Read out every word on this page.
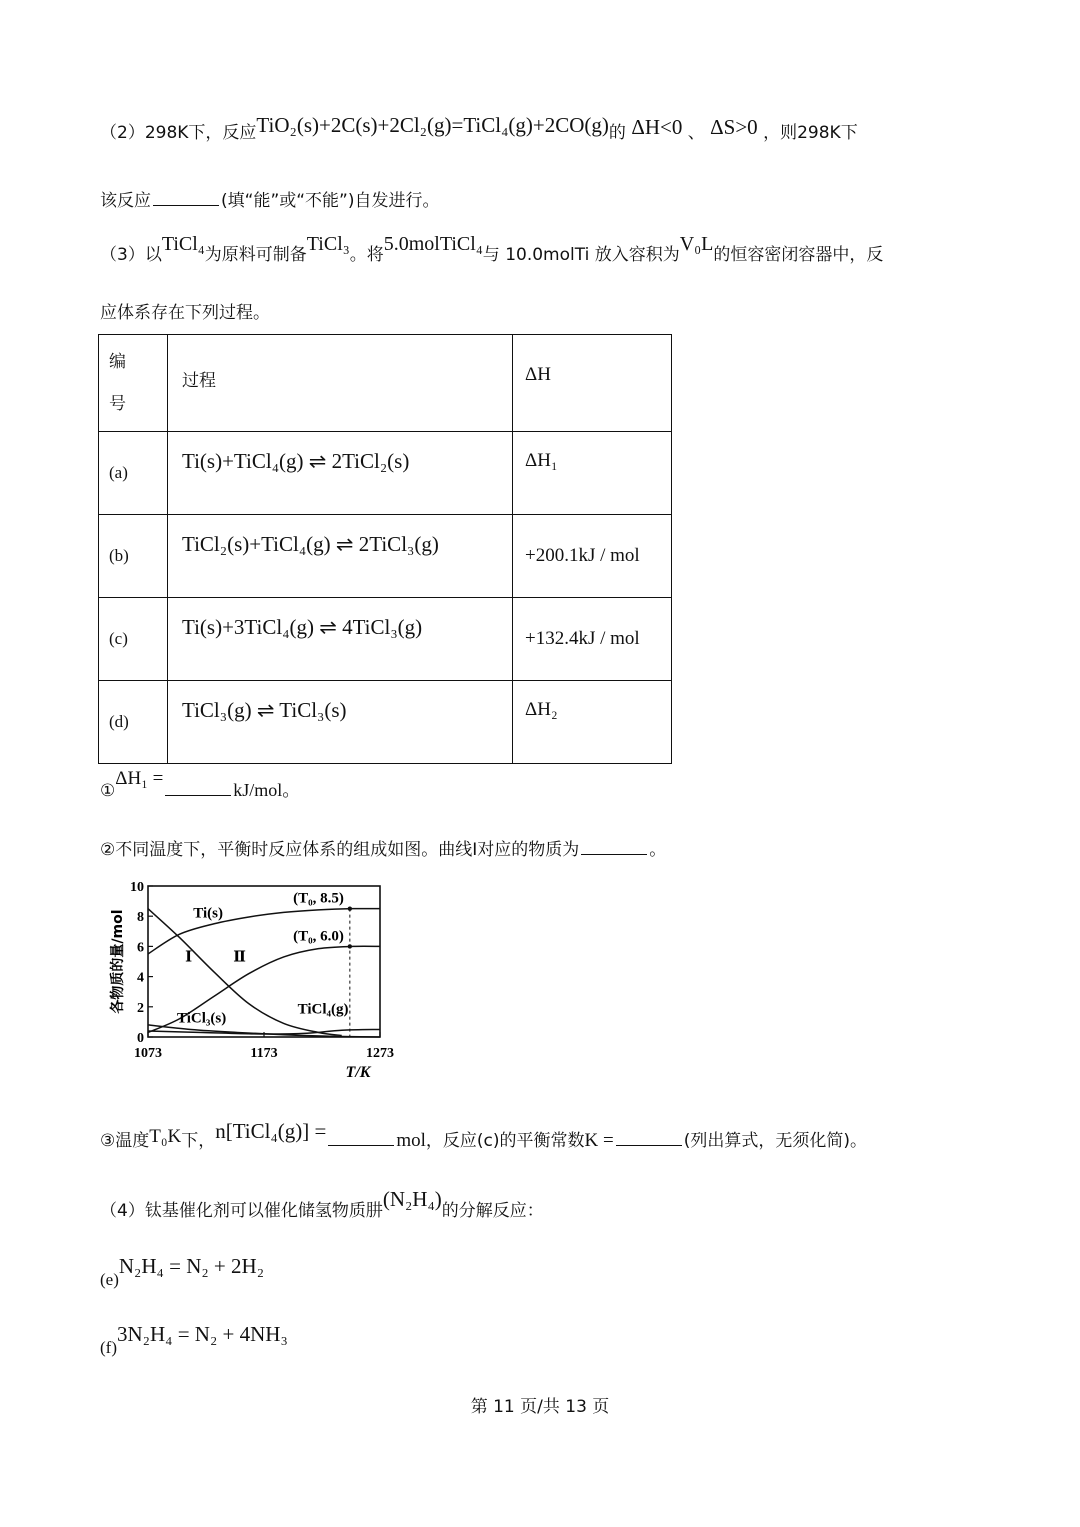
（2）298K下，反应TiO₂(s)+2C(s)+2Cl₂(g)=TiCl₄(g)+2CO(g)的 ΔH<0 、 ΔS>0 ，则298K下
该反应	(填“能”或“不能”)自发进行。
（3）以TiCl₄为原料可制备TiCl₃。将5.0molTiCl₄与 10.0molTi 放入容积为V₀L的恒容密闭容器中，反
应体系存在下列过程。
编
号	过程	ΔH
(a)	Ti(s)+TiCl₄(g) ⇌ 2TiCl₂(s)	ΔH₁
(b)	TiCl₂(s)+TiCl₄(g) ⇌ 2TiCl₃(g)	+200.1kJ / mol
(c)	Ti(s)+3TiCl₄(g) ⇌ 4TiCl₃(g)	+132.4kJ / mol
(d)	TiCl₃(g) ⇌ TiCl₃(s)	ΔH₂
①ΔH₁ =kJ/mol。
②不同温度下，平衡时反应体系的组成如图。曲线Ⅰ对应的物质为	。
0
2
4
6
8
10
1073	1173	1273
T/K
各物质的量/mol
(T₀, 8.5)
(T₀, 6.0)
Ti(s)
Ⅰ	Ⅱ
TiCl₃(s)
TiCl₄(g)
③温度T₀K下，n[TiCl₄(g)] =	mol，反应(c)的平衡常数K =	(列出算式，无须化简)。
（4）钛基催化剂可以催化储氢物质肼(N₂H₄)的分解反应：
(e)N₂H₄ = N₂ + 2H₂
(f)3N₂H₄ = N₂ + 4NH₃
第 11 页/共 13 页
